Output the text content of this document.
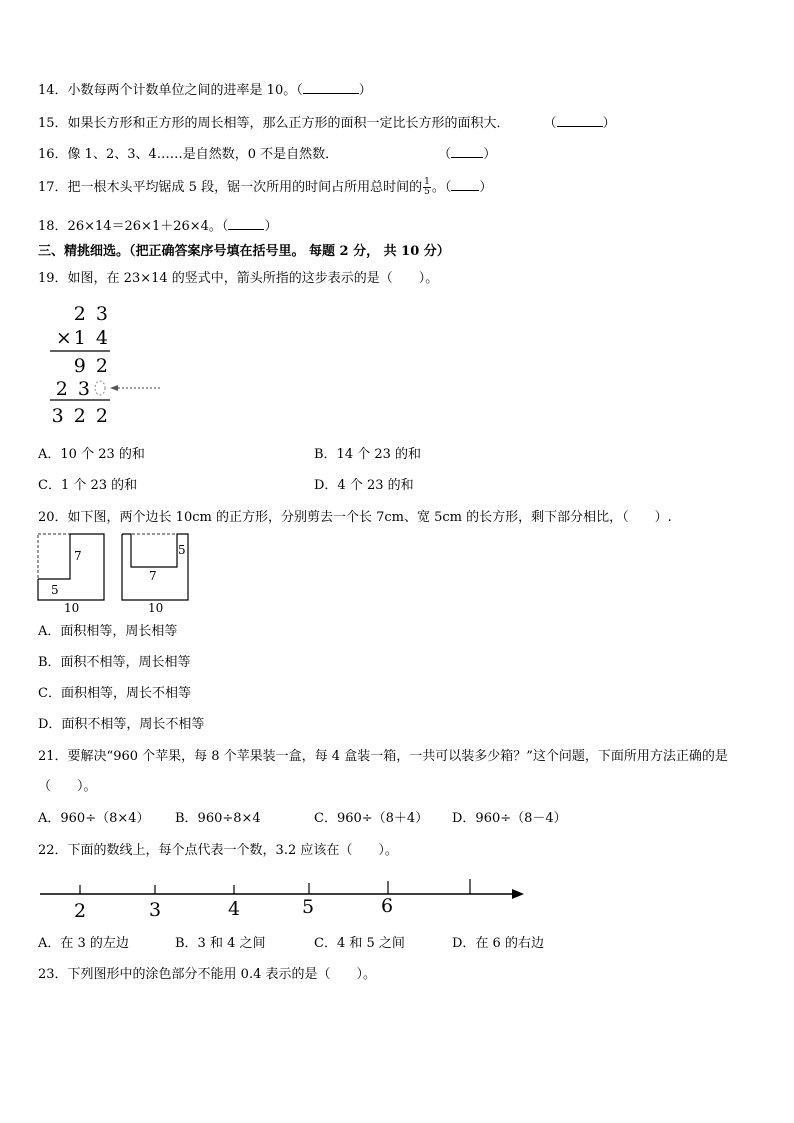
14．小数每两个计数单位之间的进率是 10。（	）
15．如果长方形和正方形的周长相等，那么正方形的面积一定比长方形的面积大．	（	）
16．像 1、2、3、4……是自然数，0 不是自然数．	（ ）
17．把一根木头平均锯成 5 段，锯一次所用的时间占所用总时间的 $\frac{1}{5}$ 。（ ）
18．26×14＝26×1＋26×4。（	）
三、精挑细选。（把正确答案序号填在括号里。 每题 2 分， 共 10 分）
19．如图，在 23×14 的竖式中，箭头所指的这步表示的是（　　）。
2 3
×1 4
9 2
2 3
3 2 2
A．10 个 23 的和	B．14 个 23 的和
C．1 个 23 的和	D．4 个 23 的和
20．如下图，两个边长 10cm 的正方形，分别剪去一个长 7cm、宽 5cm 的长方形，剩下部分相比，（　　）.
7
5
10
5
7
10
A．面积相等，周长相等
B．面积不相等，周长相等
C．面积相等，周长不相等
D．面积不相等，周长不相等
21．要解决“960 个苹果，每 8 个苹果装一盒，每 4 盒装一箱，一共可以装多少箱？”这个问题，下面所用方法正确的是
（　　）。
A．960÷（8×4） B．960÷8×4	C．960÷（8＋4） D．960÷（8－4）
22．下面的数线上，每个点代表一个数，3.2 应该在（　　）。
2	3	4	5	6
A．在 3 的左边	B．3 和 4 之间	C．4 和 5 之间	D．在 6 的右边
23．下列图形中的涂色部分不能用 0.4 表示的是（　　）。
